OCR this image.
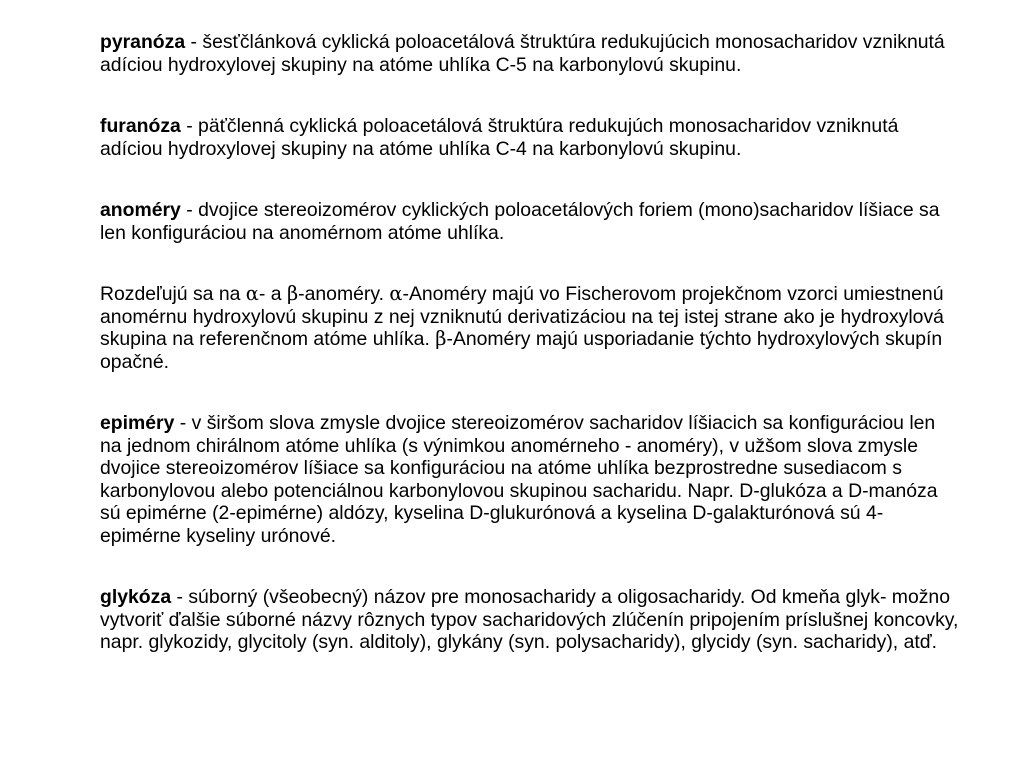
pyranóza - šesťčlánková cyklická poloacetálová štruktúra redukujúcich monosacharidov vzniknutá adíciou hydroxylovej skupiny na atóme uhlíka C-5 na karbonylovú skupinu.

furanóza - päťčlenná cyklická poloacetálová štruktúra redukujúch monosacharidov vzniknutá adíciou hydroxylovej skupiny na atóme uhlíka C-4 na karbonylovú skupinu.

anoméry - dvojice stereoizomérov cyklických poloacetálových foriem (mono)sacharidov líšiace sa len konfiguráciou na anomérnom atóme uhlíka.

Rozdeľujú sa na α- a β-anoméry. α-Anoméry majú vo Fischerovom projekčnom vzorci umiestnenú anomérnu hydroxylovú skupinu z nej vzniknutú derivatizáciou na tej istej strane ako je hydroxylová skupina na referenčnom atóme uhlíka. β-Anoméry majú usporiadanie týchto hydroxylových skupín opačné.

epiméry - v širšom slova zmysle dvojice stereoizomérov sacharidov líšiacich sa konfiguráciou len na jednom chirálnom atóme uhlíka (s výnimkou anomérneho - anoméry), v užšom slova zmysle dvojice stereoizomérov líšiace sa konfiguráciou na atóme uhlíka bezprostredne susediacom s karbonylovou alebo potenciálnou karbonylovou skupinou sacharidu. Napr. D-glukóza a D-manóza sú epimérne (2-epimérne) aldózy, kyselina D-glukurónová a kyselina D-galakturónová sú 4-epimérne kyseliny urónové.

glykóza - súborný (všeobecný) názov pre monosacharidy a oligosacharidy. Od kmeňa glyk- možno vytvoriť ďalšie súborné názvy rôznych typov sacharidových zlúčenín pripojením príslušnej koncovky, napr. glykozidy, glycitoly (syn. alditoly), glykány (syn. polysacharidy), glycidy (syn. sacharidy), atď.
